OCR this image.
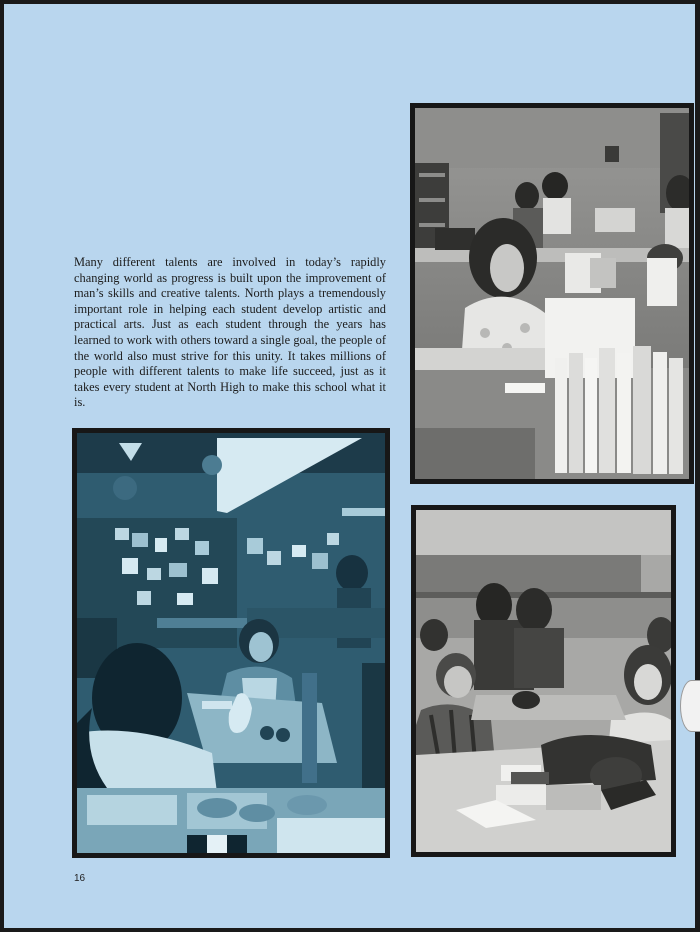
Many different talents are involved in today’s rapidly changing world as progress is built upon the improvement of man’s skills and creative talents. North plays a tremendously important role in helping each student develop artistic and practical arts. Just as each student through the years has learned to work with others toward a single goal, the people of the world also must strive for this unity. It takes millions of people with different talents to make life succeed, just as it takes every student at North High to make this school what it is.

16
